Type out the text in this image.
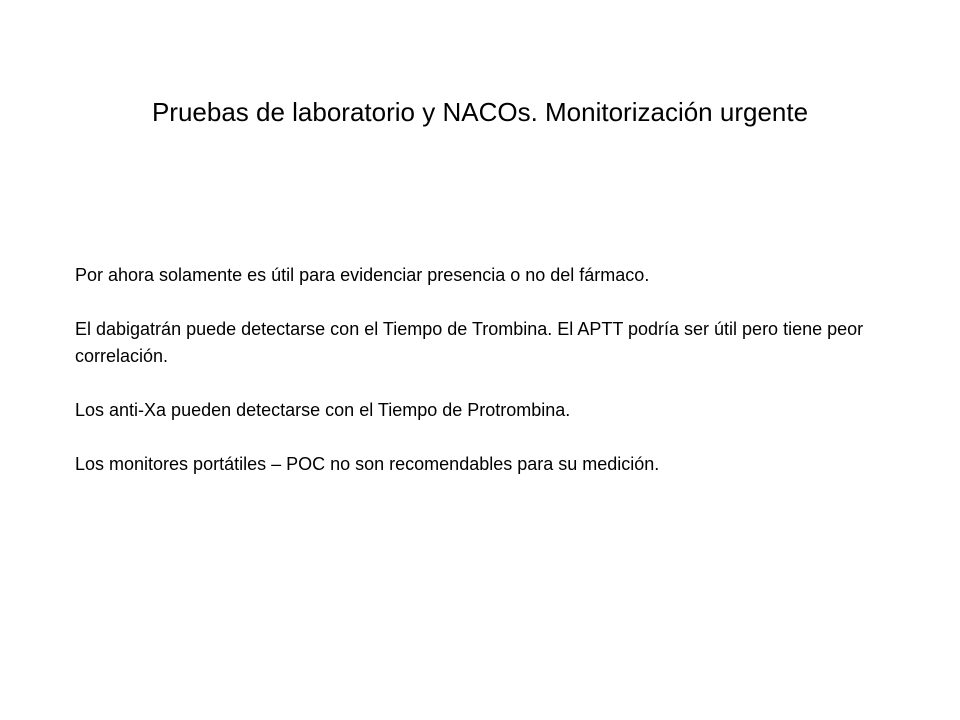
Pruebas de laboratorio y NACOs. Monitorización urgente

Por ahora solamente es útil para evidenciar presencia o no del fármaco.

El dabigatrán puede detectarse con el Tiempo de Trombina. El APTT podría ser útil pero tiene peor correlación.

Los anti-Xa pueden detectarse con el Tiempo de Protrombina.

Los monitores portátiles – POC no son recomendables para su medición.
